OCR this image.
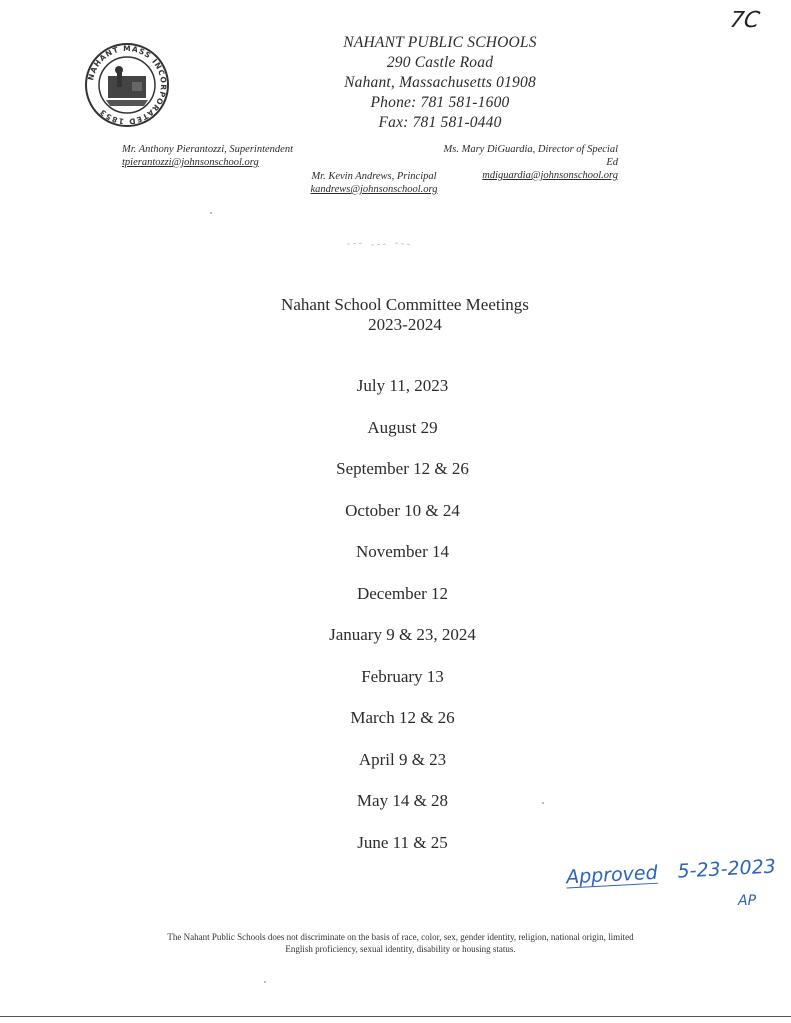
7C
NAHANT MASS INCORPORATED 1853
NAHANT PUBLIC SCHOOLS
290 Castle Road
Nahant, Massachusetts 01908
Phone: 781 581-1600
Fax: 781 581-0440
Mr. Anthony Pierantozzi, Superintendent
tpierantozzi@johnsonschool.org
Ms. Mary DiGuardia, Director of Special Ed
mdiguardia@johnsonschool.org
Mr. Kevin Andrews, Principal
kandrews@johnsonschool.org
Nahant School Committee Meetings
2023-2024
July 11, 2023
August 29
September 12 & 26
October 10 & 24
November 14
December 12
January 9 & 23, 2024
February 13
March 12 & 26
April 9 & 23
May 14 & 28
June 11 & 25
Approved 5-23-2023
AP
The Nahant Public Schools does not discriminate on the basis of race, color, sex, gender identity, religion, national origin, limited
English proficiency, sexual identity, disability or housing status.
